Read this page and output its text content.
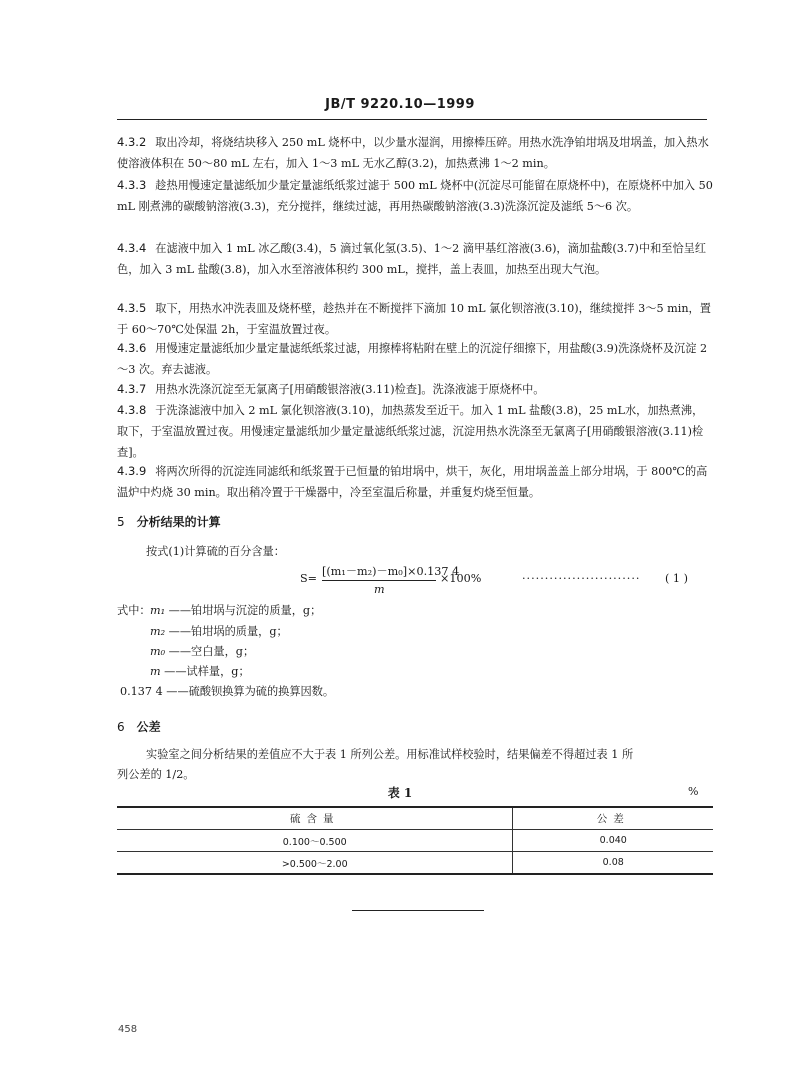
JB/T 9220.10—1999
4.3.2 取出冷却，将烧结块移入 250 mL 烧杯中，以少量水湿润，用擦棒压碎。用热水洗净铂坩埚及坩埚盖，加入热水使溶液体积在 50～80 mL 左右，加入 1～3 mL 无水乙醇(3.2)，加热煮沸 1～2 min。
4.3.3 趁热用慢速定量滤纸加少量定量滤纸纸浆过滤于 500 mL 烧杯中(沉淀尽可能留在原烧杯中)，在原烧杯中加入 50 mL 刚煮沸的碳酸钠溶液(3.3)，充分搅拌，继续过滤，再用热碳酸钠溶液(3.3)洗涤沉淀及滤纸 5～6 次。
4.3.4 在滤液中加入 1 mL 冰乙酸(3.4)，5 滴过氧化氢(3.5)、1～2 滴甲基红溶液(3.6)，滴加盐酸(3.7)中和至恰呈红色，加入 3 mL 盐酸(3.8)，加入水至溶液体积约 300 mL，搅拌，盖上表皿，加热至出现大气泡。
4.3.5 取下，用热水冲洗表皿及烧杯壁，趁热并在不断搅拌下滴加 10 mL 氯化钡溶液(3.10)，继续搅拌 3～5 min，置于 60～70℃处保温 2h，于室温放置过夜。
4.3.6 用慢速定量滤纸加少量定量滤纸纸浆过滤，用擦棒将粘附在壁上的沉淀仔细擦下，用盐酸(3.9)洗涤烧杯及沉淀 2～3 次。弃去滤液。
4.3.7 用热水洗涤沉淀至无氯离子[用硝酸银溶液(3.11)检查]。洗涤液滤于原烧杯中。
4.3.8 于洗涤滤液中加入 2 mL 氯化钡溶液(3.10)，加热蒸发至近干。加入 1 mL 盐酸(3.8)，25 mL水，加热煮沸，取下，于室温放置过夜。用慢速定量滤纸加少量定量滤纸纸浆过滤，沉淀用热水洗涤至无氯离子[用硝酸银溶液(3.11)检查]。
4.3.9 将两次所得的沉淀连同滤纸和纸浆置于已恒量的铂坩埚中，烘干，灰化，用坩埚盖盖上部分坩埚，于 800℃的高温炉中灼烧 30 min。取出稍冷置于干燥器中，冷至室温后称量，并重复灼烧至恒量。
5 分析结果的计算
按式(1)计算硫的百分含量：
S=
[(m₁－m₂)－m₀]×0.137 4
m
×100%	·························· ( 1 )
式中： m₁ ——铂坩埚与沉淀的质量，g；
m₂ ——铂坩埚的质量，g；
m₀ ——空白量，g；
m ——试样量，g；
0.137 4 ——硫酸钡换算为硫的换算因数。
6 公差
实验室之间分析结果的差值应不大于表 1 所列公差。用标准试样校验时，结果偏差不得超过表 1 所
列公差的 1/2。
表 1	%
硫含量	公差
0.100～0.500	0.040
>0.500～2.00	0.08
458
